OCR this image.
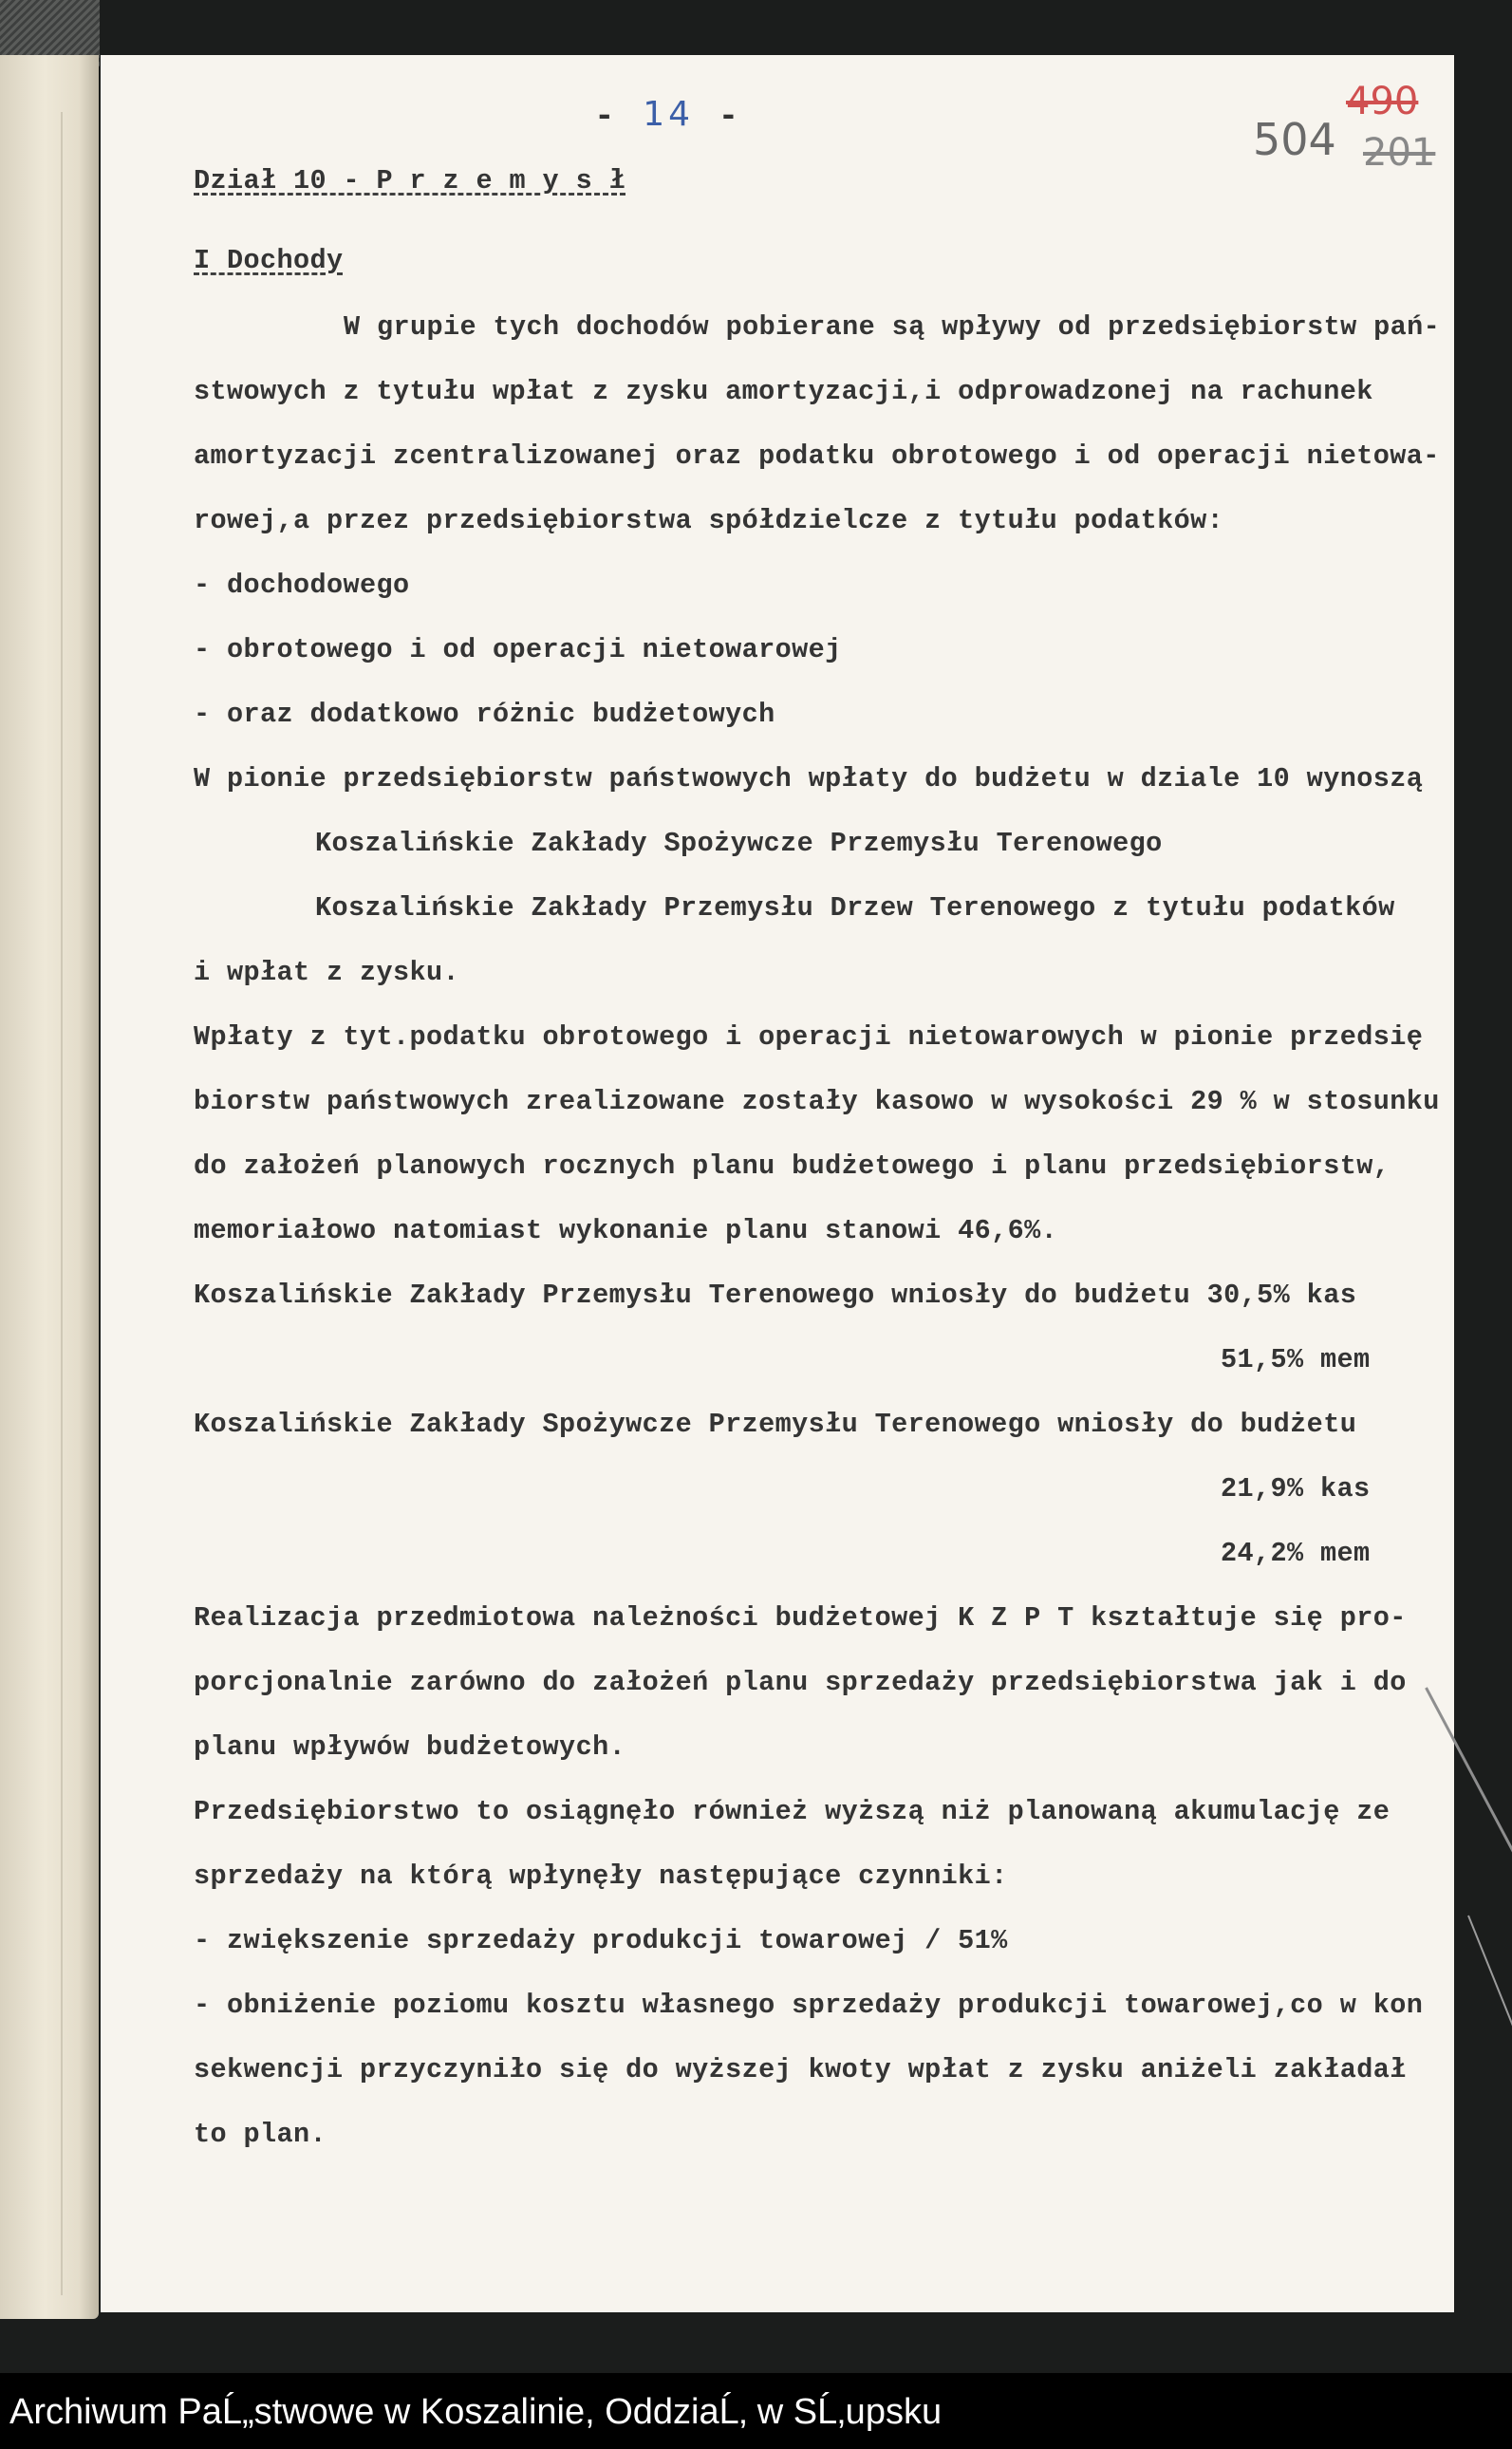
- 14 -	490
504 201
Dział 10 - P r z e m y s ł
I Dochody
W grupie tych dochodów pobierane są wpływy od przedsiębiorstw pań-
stwowych z tytułu wpłat z zysku amortyzacji,i odprowadzonej na rachunek
amortyzacji zcentralizowanej oraz podatku obrotowego i od operacji nietowa-
rowej,a przez przedsiębiorstwa spółdzielcze z tytułu podatków:
- dochodowego
- obrotowego i od operacji nietowarowej
- oraz dodatkowo różnic budżetowych
W pionie przedsiębiorstw państwowych wpłaty do budżetu w dziale 10 wynoszą
Koszalińskie Zakłady Spożywcze Przemysłu Terenowego
Koszalińskie Zakłady Przemysłu Drzew Terenowego z tytułu podatków
i wpłat z zysku.
Wpłaty z tyt.podatku obrotowego i operacji nietowarowych w pionie przedsię
biorstw państwowych zrealizowane zostały kasowo w wysokości 29 % w stosunku
do założeń planowych rocznych planu budżetowego i planu przedsiębiorstw,
memoriałowo natomiast wykonanie planu stanowi 46,6%.
Koszalińskie Zakłady Przemysłu Terenowego wniosły do budżetu 30,5% kas
51,5% mem
Koszalińskie Zakłady Spożywcze Przemysłu Terenowego wniosły do budżetu
21,9% kas
24,2% mem
Realizacja przedmiotowa należności budżetowej K Z P T kształtuje się pro-
porcjonalnie zarówno do założeń planu sprzedaży przedsiębiorstwa jak i do
planu wpływów budżetowych.
Przedsiębiorstwo to osiągnęło również wyższą niż planowaną akumulację ze
sprzedaży na którą wpłynęły następujące czynniki:
- zwiększenie sprzedaży produkcji towarowej / 51%
- obniżenie poziomu kosztu własnego sprzedaży produkcji towarowej,co w kon
sekwencji przyczyniło się do wyższej kwoty wpłat z zysku aniżeli zakładał
to plan.
Archiwum PaĹ„stwowe w Koszalinie, OddziaĹ‚ w SĹ‚upsku
